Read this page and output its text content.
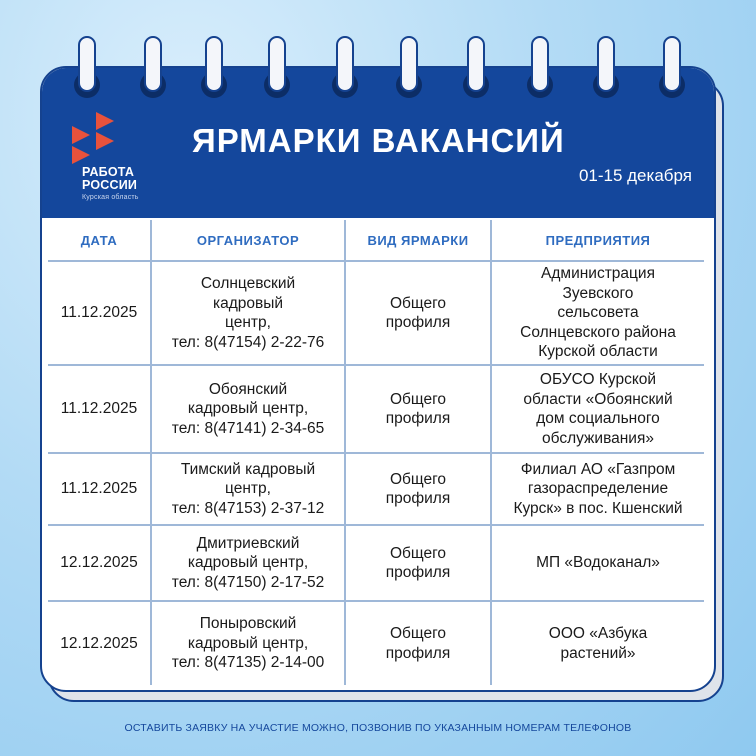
РАБОТА
РОССИИ
Курская область
ЯРМАРКИ ВАКАНСИЙ
01-15 декабря
ДАТА	ОРГАНИЗАТОР	ВИД ЯРМАРКИ	ПРЕДПРИЯТИЯ
11.12.2025	Солнцевский
кадровый
центр,
тел: 8(47154) 2-22-76	Общего
профиля	Администрация
Зуевского
сельсовета
Солнцевского района
Курской области

11.12.2025	Обоянский
кадровый центр,
тел: 8(47141) 2-34-65	Общего
профиля	ОБУСО Курской
области «Обоянский
дом социального
обслуживания»

11.12.2025	Тимский кадровый
центр,
тел: 8(47153) 2-37-12	Общего
профиля	Филиал АО «Газпром
газораспределение
Курск» в пос. Кшенский

12.12.2025	Дмитриевский
кадровый центр,
тел: 8(47150) 2-17-52	Общего
профиля	МП «Водоканал»

12.12.2025	Поныровский
кадровый центр,
тел: 8(47135) 2-14-00	Общего
профиля	ООО «Азбука
растений»
ОСТАВИТЬ ЗАЯВКУ НА УЧАСТИЕ МОЖНО, ПОЗВОНИВ ПО УКАЗАННЫМ НОМЕРАМ ТЕЛЕФОНОВ
